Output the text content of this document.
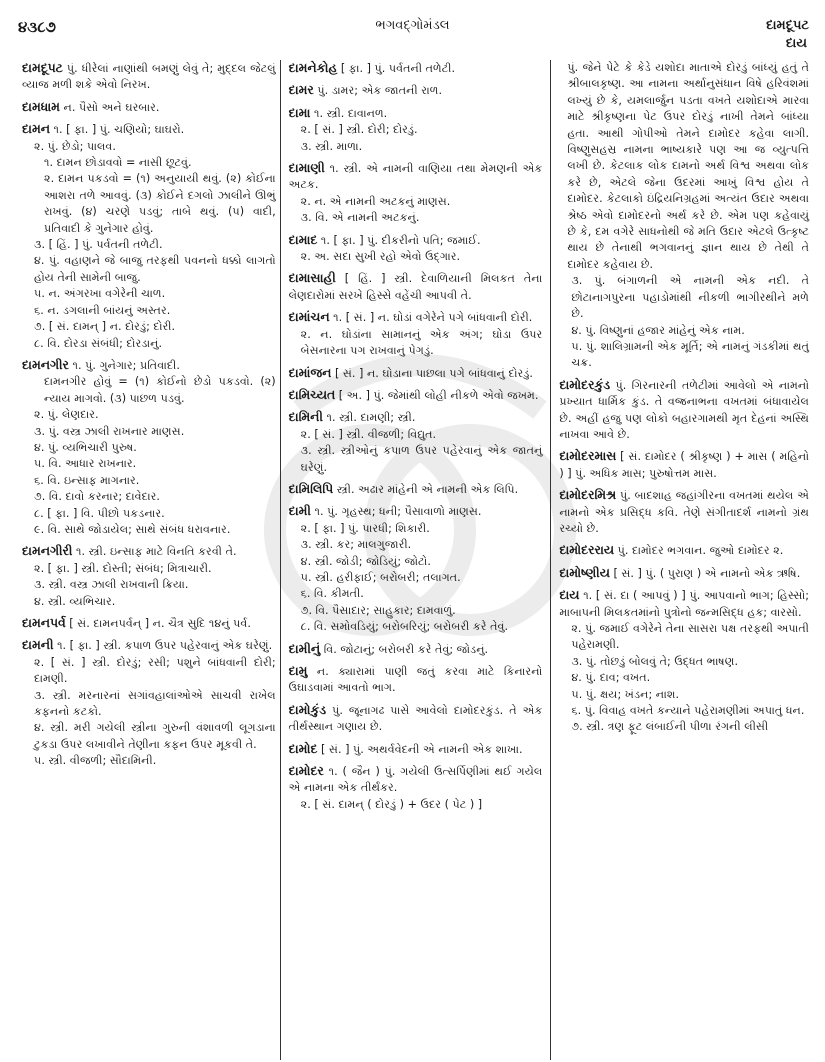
૪૩૮૭	ભગવદ્ગોમંડલ	દામદૂપટ
દાય
દામદૂપટ પું. ધીરેલાં નાણાંથી બમણું લેવું તે; મુદ્દલ જેટલું વ્યાજ મળી શકે એવો નિરખ.
દામધામ ન. પૈસો અને ઘરબાર.
દામન ૧. [ ફા. ] પું. ચણિયો; ઘાઘરો.
૨. પું. છેડો; પાલવ.
૧. દામન છોડાવવો = નાસી છૂટવું.
૨. દામન પકડવો = (૧) અનુયાયી થવું. (૨) કોઈના આશરા તળે આવવું. (૩) કોઈને દગલો ઝાલીને ઊભું રાખવું. (૪) ચરણે પડવું; તાબે થવું. (૫) વાદી, પ્રતિવાદી કે ગુનેગાર હોવું.
૩. [ હિં. ] પું. પર્વતની તળેટી.
૪. પું. વહાણને જે બાજુ તરફથી પવનનો ધક્કો લાગતો હોય તેની સામેની બાજુ.
૫. ન. અંગરખા વગેરેની ચાળ.
૬. ન. ડગલાની બાંયનું અસ્તર.
૭. [ સં. દામન્ ] ન. દોરડું; દોરી.
૮. વિ. દોરડા સંબંધી; દોરડાનું.
દામનગીર ૧. પું. ગુનેગાર; પ્રતિવાદી.
દામનગીર હોવું = (૧) કોઈનો છેડો પકડવો. (૨) ન્યાય માગવો. (૩) પાછળ પડવું.
૨. પું. લેણદાર.
૩. પું. વસ્ત્ર ઝાલી રાખનાર માણસ.
૪. પું. વ્યભિચારી પુરુષ.
૫. વિ. આધાર રાખનાર.
૬. વિ. ઇન્સાફ માગનાર.
૭. વિ. દાવો કરનાર; દાવેદાર.
૮. [ ફા. ] વિ. પીછો પકડનાર.
૯. વિ. સાથે જોડાયેલ; સાથે સંબંધ ધરાવનાર.
દામનગીરી ૧. સ્ત્રી. ઇન્સાફ માટે વિનતિ કરવી તે.
૨. [ ફા. ] સ્ત્રી. દોસ્તી; સંબંધ; મિત્રાચારી.
૩. સ્ત્રી. વસ્ત્ર ઝાલી રાખવાની ક્રિયા.
૪. સ્ત્રી. વ્યભિચાર.
દામનપર્વ [ સં. દામનપર્વન્ ] ન. ચૈત્ર સુદિ ૧૪નું પર્વ.
દામની ૧. [ ફા. ] સ્ત્રી. કપાળ ઉપર પહેરવાનું એક ઘરેણું.
૨. [ સં. ] સ્ત્રી. દોરડું; રસી; પશુને બાંધવાની દોરી; દામણી.
૩. સ્ત્રી. મરનારનાં સગાંવહાલાંઓએ સાચવી રાખેલ કફનનો કટકો.
૪. સ્ત્રી. મરી ગયેલી સ્ત્રીના ગુરુની વંશાવળી લૂગડાના ટુકડા ઉપર લખાવીને તેણીના કફન ઉપર મૂકવી તે.
૫. સ્ત્રી. વીજળી; સૌદામિની.
દામનેકોહ [ ફા. ] પું. પર્વતની તળેટી.
દામર પું. ડામર; એક જાતની રાળ.
દામા ૧. સ્ત્રી. દાવાનળ.
૨. [ સં. ] સ્ત્રી. દોરી; દોરડું.
૩. સ્ત્રી. માળા.
દામાણી ૧. સ્ત્રી. એ નામની વાણિયા તથા મેમણની એક અટક.
૨. ન. એ નામની અટકનું માણસ.
૩. વિ. એ નામની અટકનું.
દામાદ ૧. [ ફા. ] પું. દીકરીનો પતિ; જમાઈ.
૨. અ. સદા સુખી રહો એવો ઉદ્ગાર.
દામાસાહી [ હિં. ] સ્ત્રી. દેવાળિયાની મિલકત તેના લેણદારોમાં સરખે હિસ્સે વહેંચી આપવી તે.
દામાંચન ૧. [ સં. ] ન. ઘોડાં વગેરેને પગે બાંધવાની દોરી.
૨. ન. ઘોડાંના સામાનનું એક અંગ; ઘોડા ઉપર બેસનારના પગ રાખવાનું પેગડું.
દામાંજન [ સં. ] ન. ઘોડાના પાછલા પગે બાંધવાનું દોરડું.
દામિચ્યત [ અ. ] પું. જેમાંથી લોહી નીકળે એવો જખમ.
દામિની ૧. સ્ત્રી. દામણી; સ્ત્રી.
૨. [ સં. ] સ્ત્રી. વીજળી; વિદ્યુત.
૩. સ્ત્રી. સ્ત્રીઓનું કપાળ ઉપર પહેરવાનું એક જાતનું ઘરેણું.
દામિલિપિ સ્ત્રી. અઢાર માંહેની એ નામની એક લિપિ.
દામી ૧. પું. ગૃહસ્થ; ધની; પૈસાવાળો માણસ.
૨. [ ફા. ] પું. પારધી; શિકારી.
૩. સ્ત્રી. કર; માલગુજારી.
૪. સ્ત્રી. જોડી; જોડિયું; જોટો.
૫. સ્ત્રી. હરીફાઈ; બરોબરી; તલાગત.
૬. વિ. કીમતી.
૭. વિ. પૈસાદાર; સાહુકાર; દામવાળું.
૮. વિ. સમોવડિયું; બરોબરિયું; બરોબરી કરે તેવું.
દામીનું વિ. જોટાનું; બરોબરી કરે તેવું; જોડનું.
દામુ ન. ક્યારામાં પાણી જતું કરવા માટે કિનારનો ઉઘાડવામાં આવતો ભાગ.
દામોકુંડ પું. જૂનાગઢ પાસે આવેલો દામોદરકુંડ. તે એક તીર્થસ્થાન ગણાય છે.
દામોદ [ સં. ] પું. અથર્વવેદની એ નામની એક શાખા.
દામોદર ૧. ( જૈન ) પું. ગયેલી ઉત્સર્પિણીમાં થઈ ગયેલ એ નામના એક તીર્થંકર.
૨. [ સં. દામન્ ( દોરડું ) + ઉદર ( પેટ ) ]
પું. જેને પેટે કે કેડે યશોદા માતાએ દોરડું બાંધ્યું હતું તે શ્રીબાલકૃષ્ણ. આ નામના અર્થાનુસંધાન વિષે હરિવંશમાં લખ્યું છે કે, યમલાર્જુન પડતા વખતે યશોદાએ મારવા માટે શ્રીકૃષ્ણના પેટ ઉપર દોરડું નાખી તેમને બાંધ્યા હતા. આથી ગોપીઓ તેમને દામોદર કહેવા લાગી. વિષ્ણુસહસ્ર નામના ભાષ્યકારે પણ આ જ વ્યુત્પત્તિ લખી છે. કેટલાક લોક દામનો અર્થ વિશ્વ અથવા લોક કરે છે, એટલે જેના ઉદરમાં આખું વિશ્વ હોય તે દામોદર. કેટલાકો ઇંદ્રિયનિગ્રહમાં અત્યંત ઉદાર અથવા શ્રેષ્ઠ એવો દામોદરનો અર્થ કરે છે. એમ પણ કહેવાયું છે કે, દમ વગેરે સાધનોથી જે મતિ ઉદાર એટલે ઉત્કૃષ્ટ થાય છે તેનાથી ભગવાનનું જ્ઞાન થાય છે તેથી તે દામોદર કહેવાય છે.
૩. પું. બંગાળની એ નામની એક નદી. તે છોટાનાગપુરના પહાડોમાંથી નીકળી ભાગીરથીને મળે છે.
૪. પું. વિષ્ણુનાં હજાર માંહેનું એક નામ.
૫. પું. શાલિગ્રામની એક મૂર્તિ; એ નામનું ગંડકીમાં થતું ચક્ર.
દામોદરકુંડ પું. ગિરનારની તળેટીમાં આવેલો એ નામનો પ્રખ્યાત ધાર્મિક કુંડ. તે વજ્રનાભના વખતમાં બંધાવાયેલ છે. અહીં હજુ પણ લોકો બહારગામથી મૃત દેહનાં અસ્થિ નાખવા આવે છે.
દામોદરમાસ [ સં. દામોદર ( શ્રીકૃષ્ણ ) + માસ ( મહિનો ) ] પું. અધિક માસ; પુરુષોત્તમ માસ.
દામોદરમિશ્ર પું. બાદશાહ જહાંગીરના વખતમાં થયેલ એ નામનો એક પ્રસિદ્ધ કવિ. તેણે સંગીતાદર્શ નામનો ગ્રંથ રચ્યો છે.
દામોદરરાય પું. દામોદર ભગવાન. જુઓ દામોદર ૨.
દામોષ્ણીય [ સં. ] પું. ( પુરાણ ) એ નામનો એક ઋષિ.
દાય ૧. [ સં. દા ( આપવું ) ] પું. આપવાનો ભાગ; હિસ્સો; માબાપની મિલકતમાંનો પુત્રોનો જન્મસિદ્ધ હક; વારસો.
૨. પું. જમાઈ વગેરેને તેના સાસરા પક્ષ તરફથી અપાતી પહેરામણી.
૩. પું. તોછડું બોલવું તે; ઉદ્ધત ભાષણ.
૪. પું. દાવ; વખત.
૫. પું. ક્ષય; ખંડન; નાશ.
૬. પું. વિવાહ વખતે કન્યાને પહેરામણીમાં અપાતું ધન.
૭. સ્ત્રી. ત્રણ ફૂટ લંબાઈની પીળા રંગની લીસી
